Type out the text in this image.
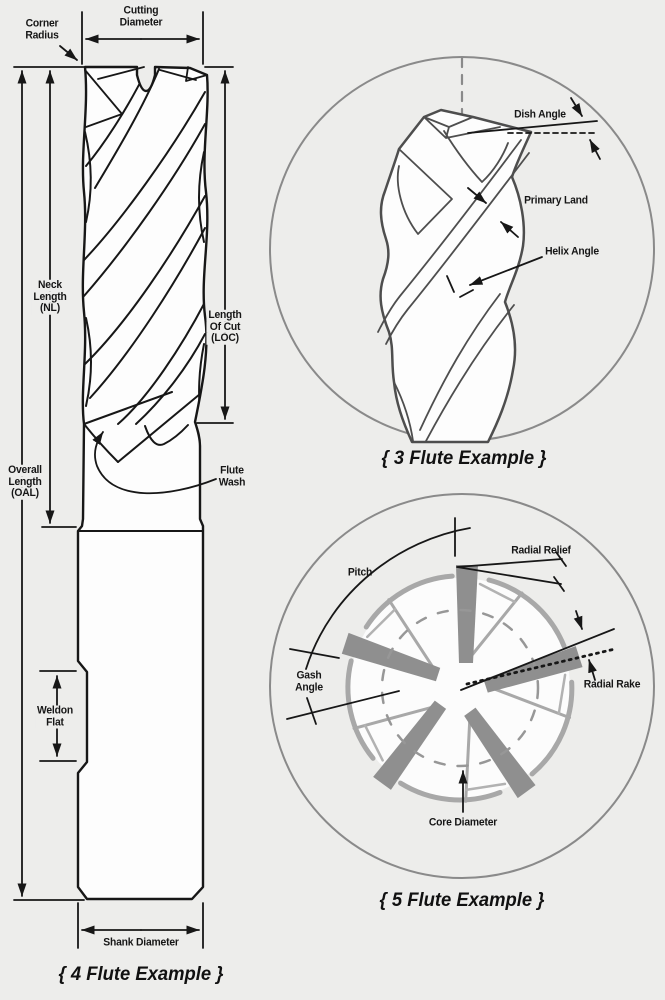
Corner
Radius
Cutting
Diameter
Neck
Length
(NL)
Length
Of Cut
(LOC)
Overall
Length
(OAL)
Flute
Wash
Weldon
Flat
Shank Diameter
{ 4 Flute Example }
Dish Angle
Primary Land
Helix Angle
{ 3 Flute Example }
Pitch
Radial Relief
Gash
Angle	Radial Rake
Core Diameter
{ 5 Flute Example }
